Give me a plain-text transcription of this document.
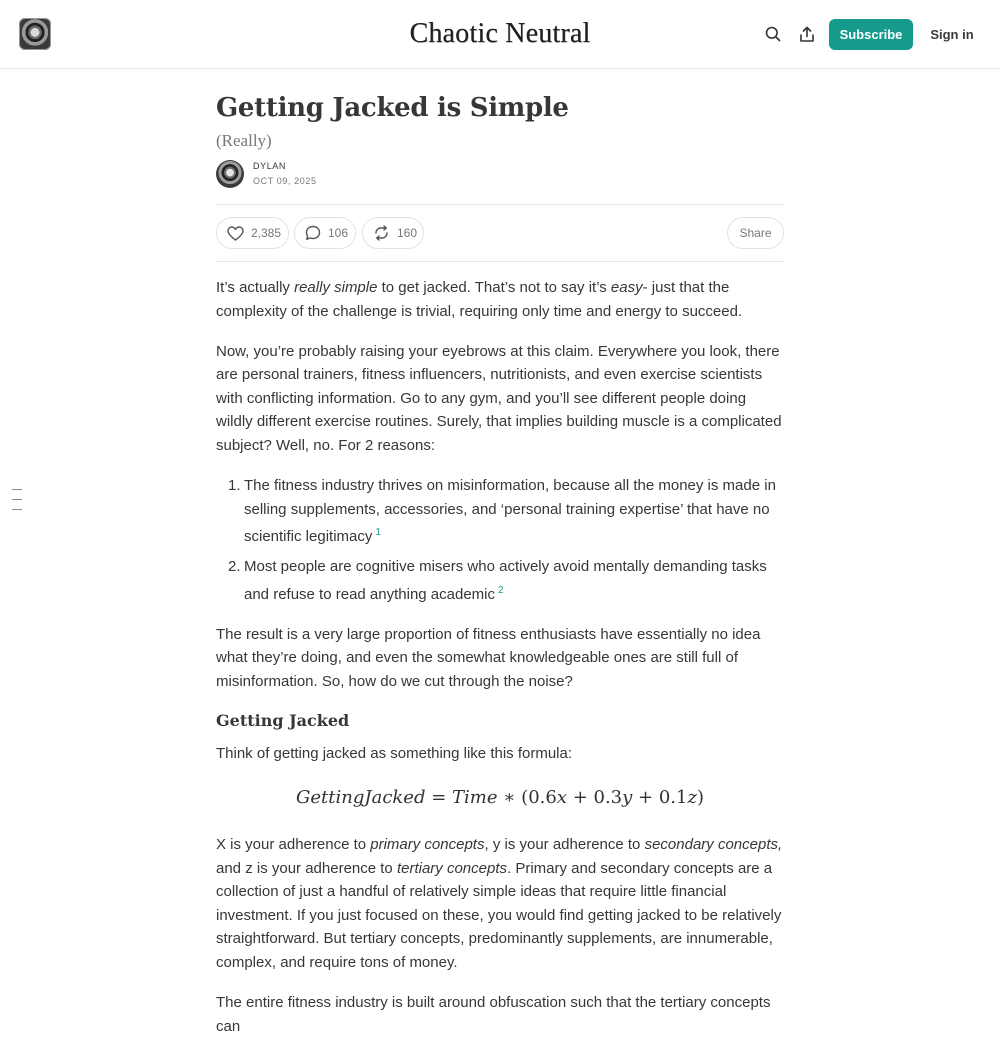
Chaotic Neutral	Subscribe	Sign in
Getting Jacked is Simple
(Really)
DYLAN
OCT 09, 2025
2,385	106	160	Share

It’s actually really simple to get jacked. That’s not to say it’s easy- just that the complexity of the challenge is trivial, requiring only time and energy to succeed.

Now, you’re probably raising your eyebrows at this claim. Everywhere you look, there are personal trainers, fitness influencers, nutritionists, and even exercise scientists with conflicting information. Go to any gym, and you’ll see different people doing wildly different exercise routines. Surely, that implies building muscle is a complicated subject? Well, no. For 2 reasons:

1. The fitness industry thrives on misinformation, because all the money is made in selling supplements, accessories, and ‘personal training expertise’ that have no scientific legitimacy $^1$
2. Most people are cognitive misers who actively avoid mentally demanding tasks and refuse to read anything academic $^2$

The result is a very large proportion of fitness enthusiasts have essentially no idea what they’re doing, and even the somewhat knowledgeable ones are still full of misinformation. So, how do we cut through the noise?

Getting Jacked

Think of getting jacked as something like this formula:

GettingJacked = Time ∗ (0.6x + 0.3y + 0.1z)

X is your adherence to primary concepts, y is your adherence to secondary concepts, and z is your adherence to tertiary concepts. Primary and secondary concepts are a collection of just a handful of relatively simple ideas that require little financial investment. If you just focused on these, you would find getting jacked to be relatively straightforward. But tertiary concepts, predominantly supplements, are innumerable, complex, and require tons of money.

The entire fitness industry is built around obfuscation such that the tertiary concepts can
